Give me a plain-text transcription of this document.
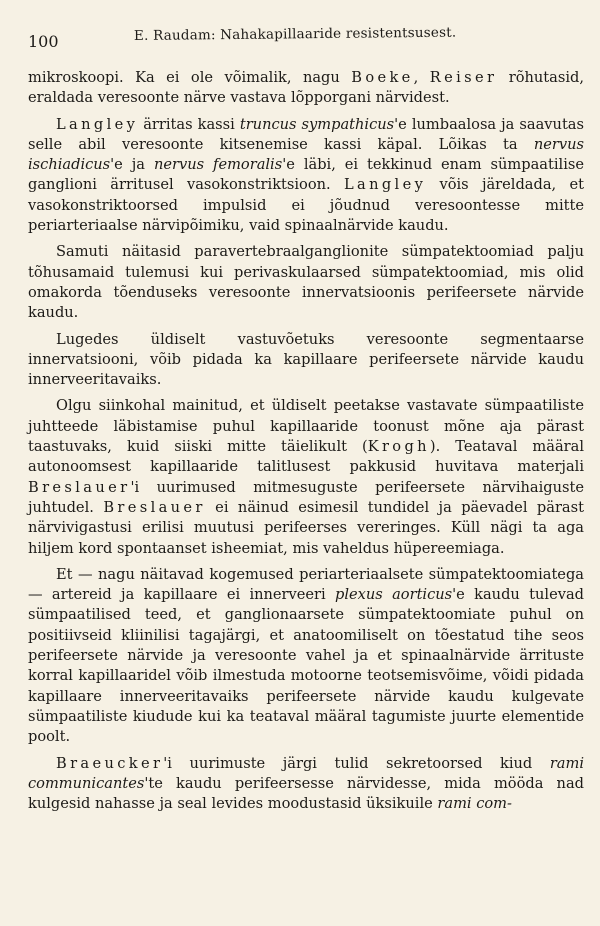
100	E. Raudam: Nahakapillaaride resistentsusest.

mikroskoopi. Ka ei ole võimalik, nagu Boeke, Reiser rõhutasid, eraldada veresoonte närve vastava lõpporgani närvidest.

Langley ärritas kassi truncus sympathicus'e lumbaalosa ja saavutas selle abil veresoonte kitsenemise kassi käpal. Lõikas ta nervus ischiadicus'e ja nervus femoralis'e läbi, ei tekkinud enam sümpaatilise ganglioni ärritusel vasokonstriktsioon. Langley võis järeldada, et vasokonstriktoorsed impulsid ei jõudnud veresoontesse mitte periarteriaalse närvipõimiku, vaid spinaalnärvide kaudu.

Samuti näitasid paravertebraalganglionite sümpatektoomiad palju tõhusamaid tulemusi kui perivaskulaarsed sümpatektoomiad, mis olid omakorda tõenduseks veresoonte innervatsioonis perifeersete närvide kaudu.

Lugedes üldiselt vastuvõetuks veresoonte segmentaarse innervatsiooni, võib pidada ka kapillaare perifeersete närvide kaudu innerveeritavaiks.

Olgu siinkohal mainitud, et üldiselt peetakse vastavate sümpaatiliste juhtteede läbistamise puhul kapillaaride toonust mõne aja pärast taastuvaks, kuid siiski mitte täielikult (Krogh). Teataval määral autonoomsest kapillaaride talitlusest pakkusid huvitava materjali Breslauer'i uurimused mitmesuguste perifeersete närvihaiguste juhtudel. Breslauer ei näinud esimesil tundidel ja päevadel pärast närvivigastusi erilisi muutusi perifeerses vereringes. Küll nägi ta aga hiljem kord spontaanset isheemiat, mis vaheldus hüpereemiaga.

Et — nagu näitavad kogemused periarteriaalsete sümpatektoomiatega — artereid ja kapillaare ei innerveeri plexus aorticus'e kaudu tulevad sümpaatilised teed, et ganglionaarsete sümpatektoomiate puhul on positiivseid kliinilisi tagajärgi, et anatoomiliselt on tõestatud tihe seos perifeersete närvide ja veresoonte vahel ja et spinaalnärvide ärrituste korral kapillaaridel võib ilmestuda motoorne teotsemisvõime, võidi pidada kapillaare innerveeritavaiks perifeersete närvide kaudu kulgevate sümpaatiliste kiudude kui ka teataval määral tagumiste juurte elementide poolt.

Braeucker'i uurimuste järgi tulid sekretoorsed kiud rami communicantes'te kaudu perifeersesse närvidesse, mida mööda nad kulgesid nahasse ja seal levides moodustasid üksikuile rami com-
